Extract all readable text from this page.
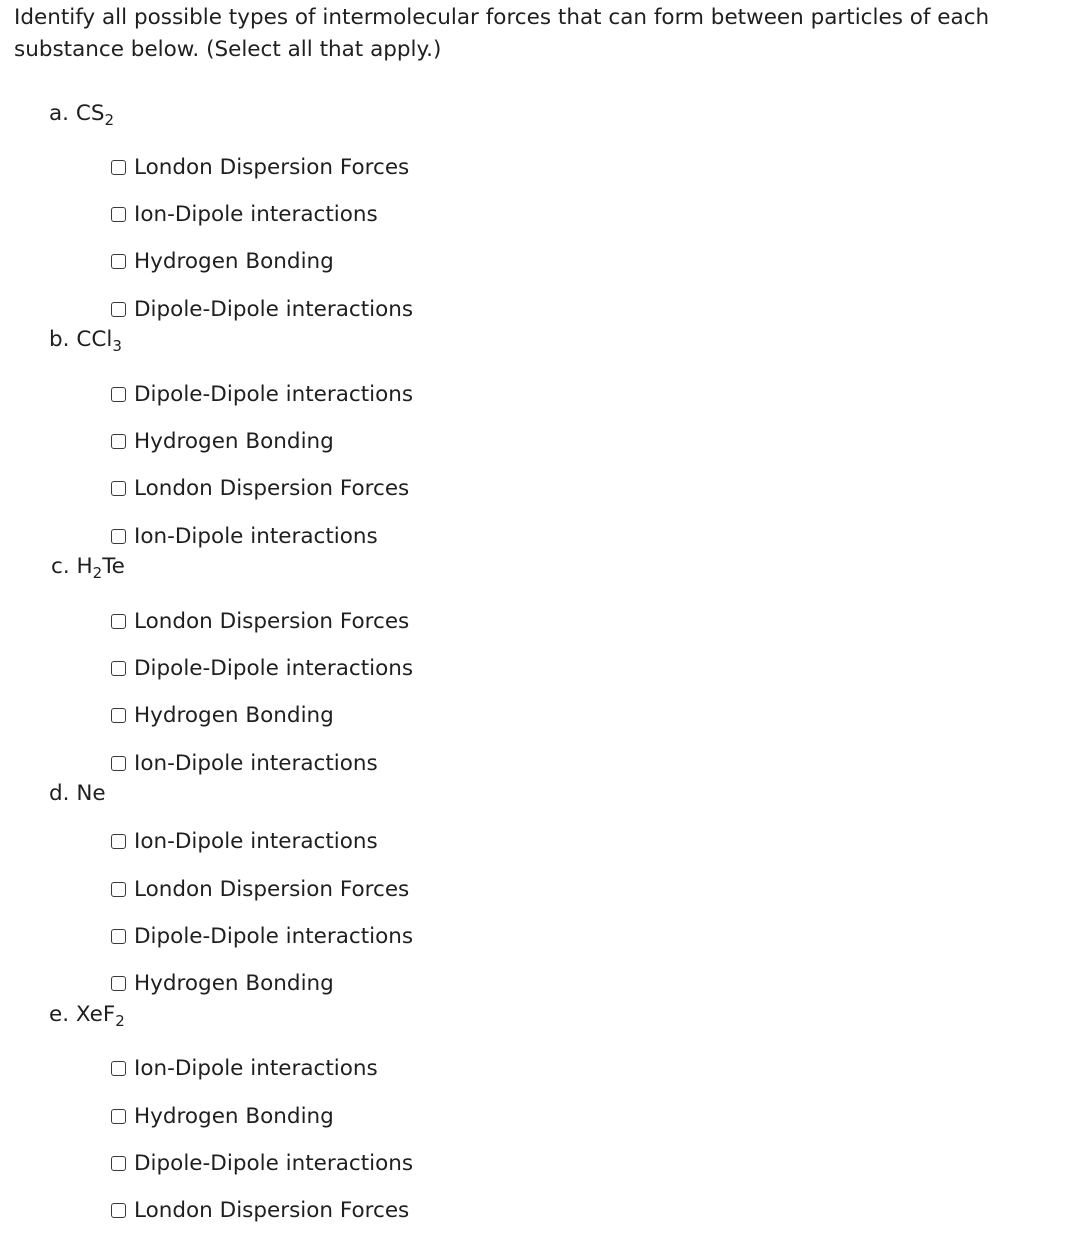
Identify all possible types of intermolecular forces that can form between particles of each substance below. (Select all that apply.)

a. $CS_2$
London Dispersion Forces
Ion-Dipole interactions
Hydrogen Bonding
Dipole-Dipole interactions
b. CCl$_3$
Dipole-Dipole interactions
Hydrogen Bonding
London Dispersion Forces
Ion-Dipole interactions
c. $H_2Te$
London Dispersion Forces
Dipole-Dipole interactions
Hydrogen Bonding
Ion-Dipole interactions
d. Ne
Ion-Dipole interactions
London Dispersion Forces
Dipole-Dipole interactions
Hydrogen Bonding
e. XeF$_2$
Ion-Dipole interactions
Hydrogen Bonding
Dipole-Dipole interactions
London Dispersion Forces
